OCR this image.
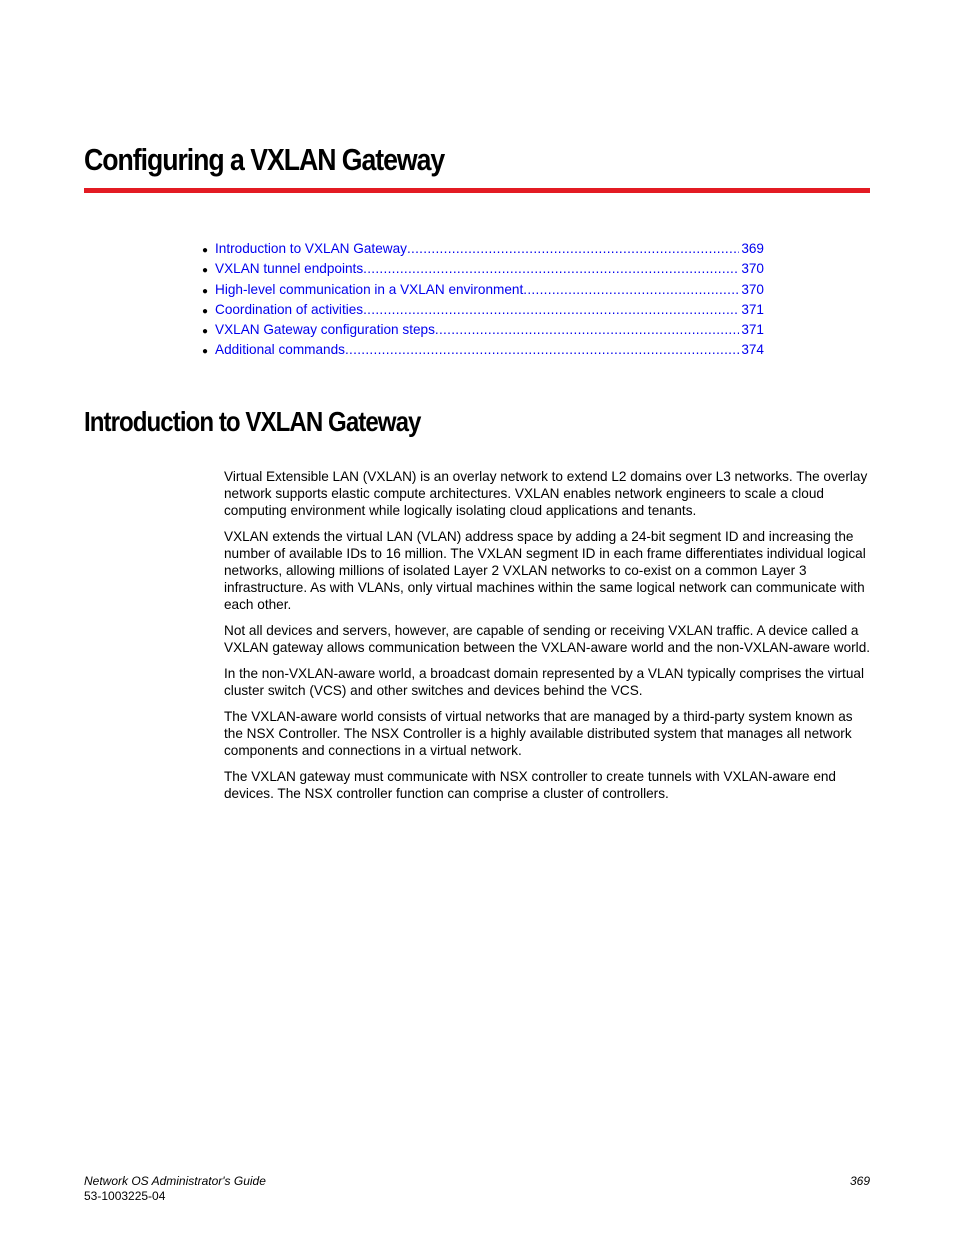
Configuring a VXLAN Gateway
● Introduction to VXLAN Gateway .....	369
● VXLAN tunnel endpoints .....	370
● High-level communication in a VXLAN environment .....	370
● Coordination of activities .....	371
● VXLAN Gateway configuration steps .....	371
● Additional commands .....	374
Introduction to VXLAN Gateway

Virtual Extensible LAN (VXLAN) is an overlay network to extend L2 domains over L3 networks. The overlay network supports elastic compute architectures. VXLAN enables network engineers to scale a cloud computing environment while logically isolating cloud applications and tenants.

VXLAN extends the virtual LAN (VLAN) address space by adding a 24-bit segment ID and increasing the number of available IDs to 16 million. The VXLAN segment ID in each frame differentiates individual logical networks, allowing millions of isolated Layer 2 VXLAN networks to co-exist on a common Layer 3 infrastructure. As with VLANs, only virtual machines within the same logical network can communicate with each other.

Not all devices and servers, however, are capable of sending or receiving VXLAN traffic. A device called a VXLAN gateway allows communication between the VXLAN-aware world and the non-VXLAN-aware world.

In the non-VXLAN-aware world, a broadcast domain represented by a VLAN typically comprises the virtual cluster switch (VCS) and other switches and devices behind the VCS.

The VXLAN-aware world consists of virtual networks that are managed by a third-party system known as the NSX Controller. The NSX Controller is a highly available distributed system that manages all network components and connections in a virtual network.

The VXLAN gateway must communicate with NSX controller to create tunnels with VXLAN-aware end devices. The NSX controller function can comprise a cluster of controllers.

Network OS Administrator's Guide
53-1003225-04
369
